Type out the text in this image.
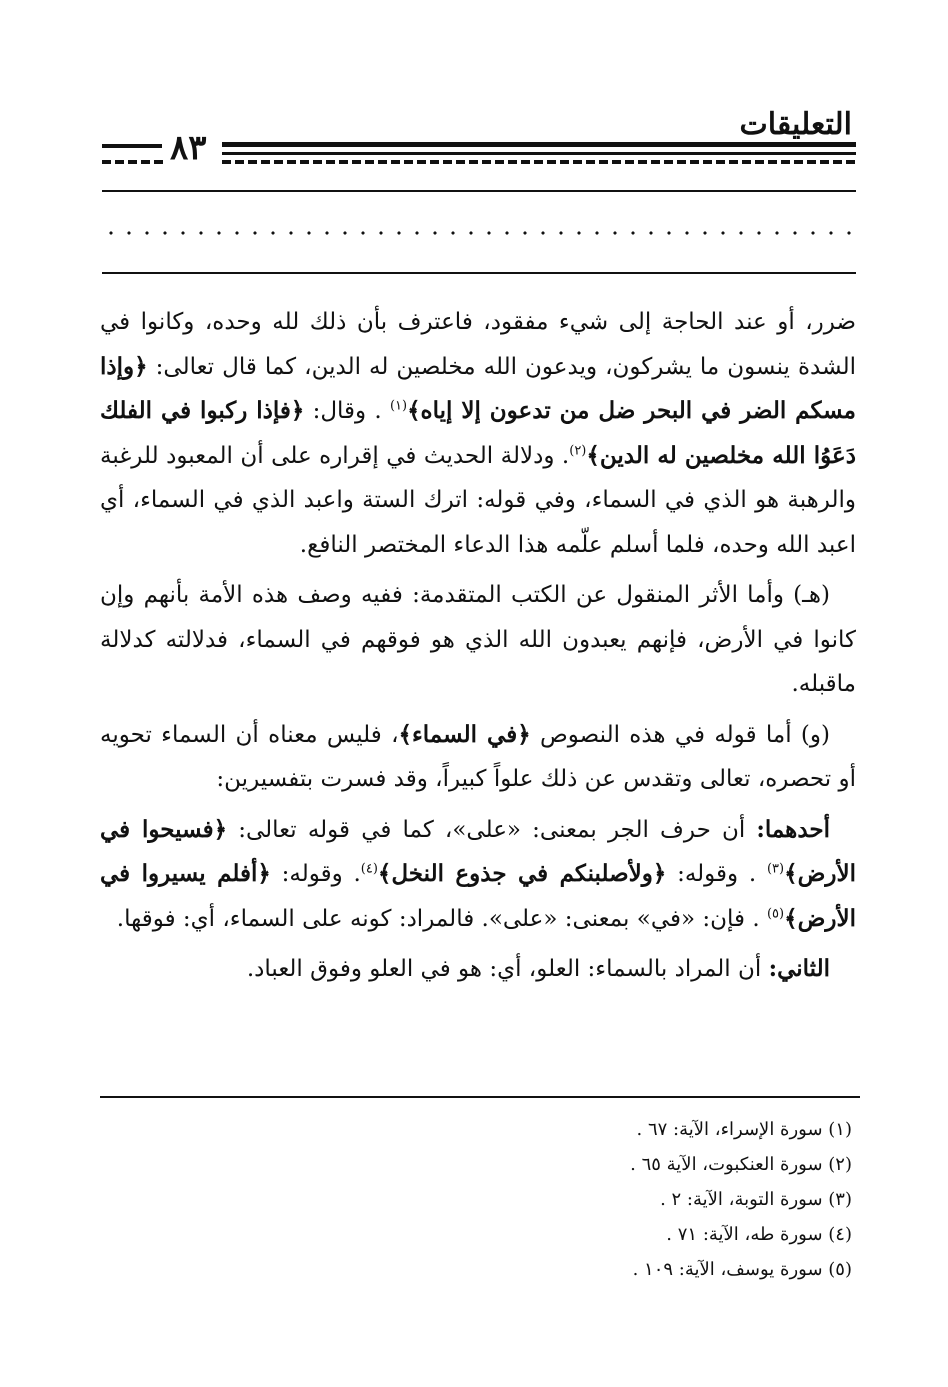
التعليقات
٨٣

ضرر، أو عند الحاجة إلى شيء مفقود، فاعترف بأن ذلك لله وحده، وكانوا في الشدة ينسون ما يشركون، ويدعون الله مخلصين له الدين، كما قال تعالى: ﴿وإذا مسكم الضر في البحر ضل من تدعون إلا إياه﴾$^{(١)}$ . وقال: ﴿فإذا ركبوا في الفلك دَعَوُا الله مخلصين له الدين﴾$^{(٢)}$. ودلالة الحديث في إقراره على أن المعبود للرغبة والرهبة هو الذي في السماء، وفي قوله: اترك الستة واعبد الذي في السماء، أي اعبد الله وحده، فلما أسلم علّمه هذا الدعاء المختصر النافع.

(هـ) وأما الأثر المنقول عن الكتب المتقدمة: ففيه وصف هذه الأمة بأنهم وإن كانوا في الأرض، فإنهم يعبدون الله الذي هو فوقهم في السماء، فدلالته كدلالة ماقبله.

(و) أما قوله في هذه النصوص ﴿في السماء﴾، فليس معناه أن السماء تحويه أو تحصره، تعالى وتقدس عن ذلك علواً كبيراً، وقد فسرت بتفسيرين:

أحدهما: أن حرف الجر بمعنى: «على»، كما في قوله تعالى: ﴿فسيحوا في الأرض﴾$^{(٣)}$ . وقوله: ﴿ولأصلبنكم في جذوع النخل﴾$^{(٤)}$. وقوله: ﴿أفلم يسيروا في الأرض﴾$^{(٥)}$ . فإن: «في» بمعنى: «على». فالمراد: كونه على السماء، أي: فوقها.

الثاني: أن المراد بالسماء: العلو، أي: هو في العلو وفوق العباد.

(١) سورة الإسراء، الآية: ٦٧ .
(٢) سورة العنكبوت، الآية ٦٥ .
(٣) سورة التوبة، الآية: ٢ .
(٤) سورة طه، الآية: ٧١ .
(٥) سورة يوسف، الآية: ١٠٩ .
